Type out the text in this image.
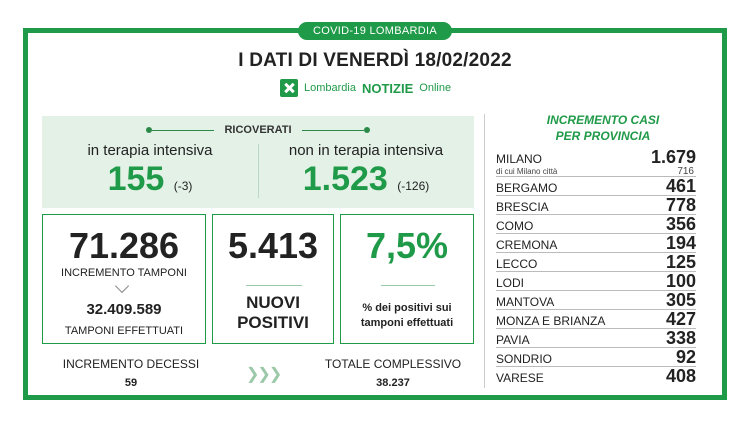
COVID-19 LOMBARDIA
I DATI DI VENERDÌ 18/02/2022
Lombardia NOTIZIE Online
RICOVERATI
in terapia intensiva
155 (-3)
non in terapia intensiva
1.523 (-126)
71.286
INCREMENTO TAMPONI
32.409.589
TAMPONI EFFETTUATI
5.413
NUOVI
POSITIVI
7,5%
% dei positivi sui
tamponi effettuati
INCREMENTO DECESSI
59	❯❯❯
TOTALE COMPLESSIVO
38.237
INCREMENTO CASI
PER PROVINCIA
MILANO	1.679
di cui Milano città	716
BERGAMO	461
BRESCIA	778
COMO	356
CREMONA	194
LECCO	125
LODI	100
MANTOVA	305
MONZA E BRIANZA	427
PAVIA	338
SONDRIO	92
VARESE	408
